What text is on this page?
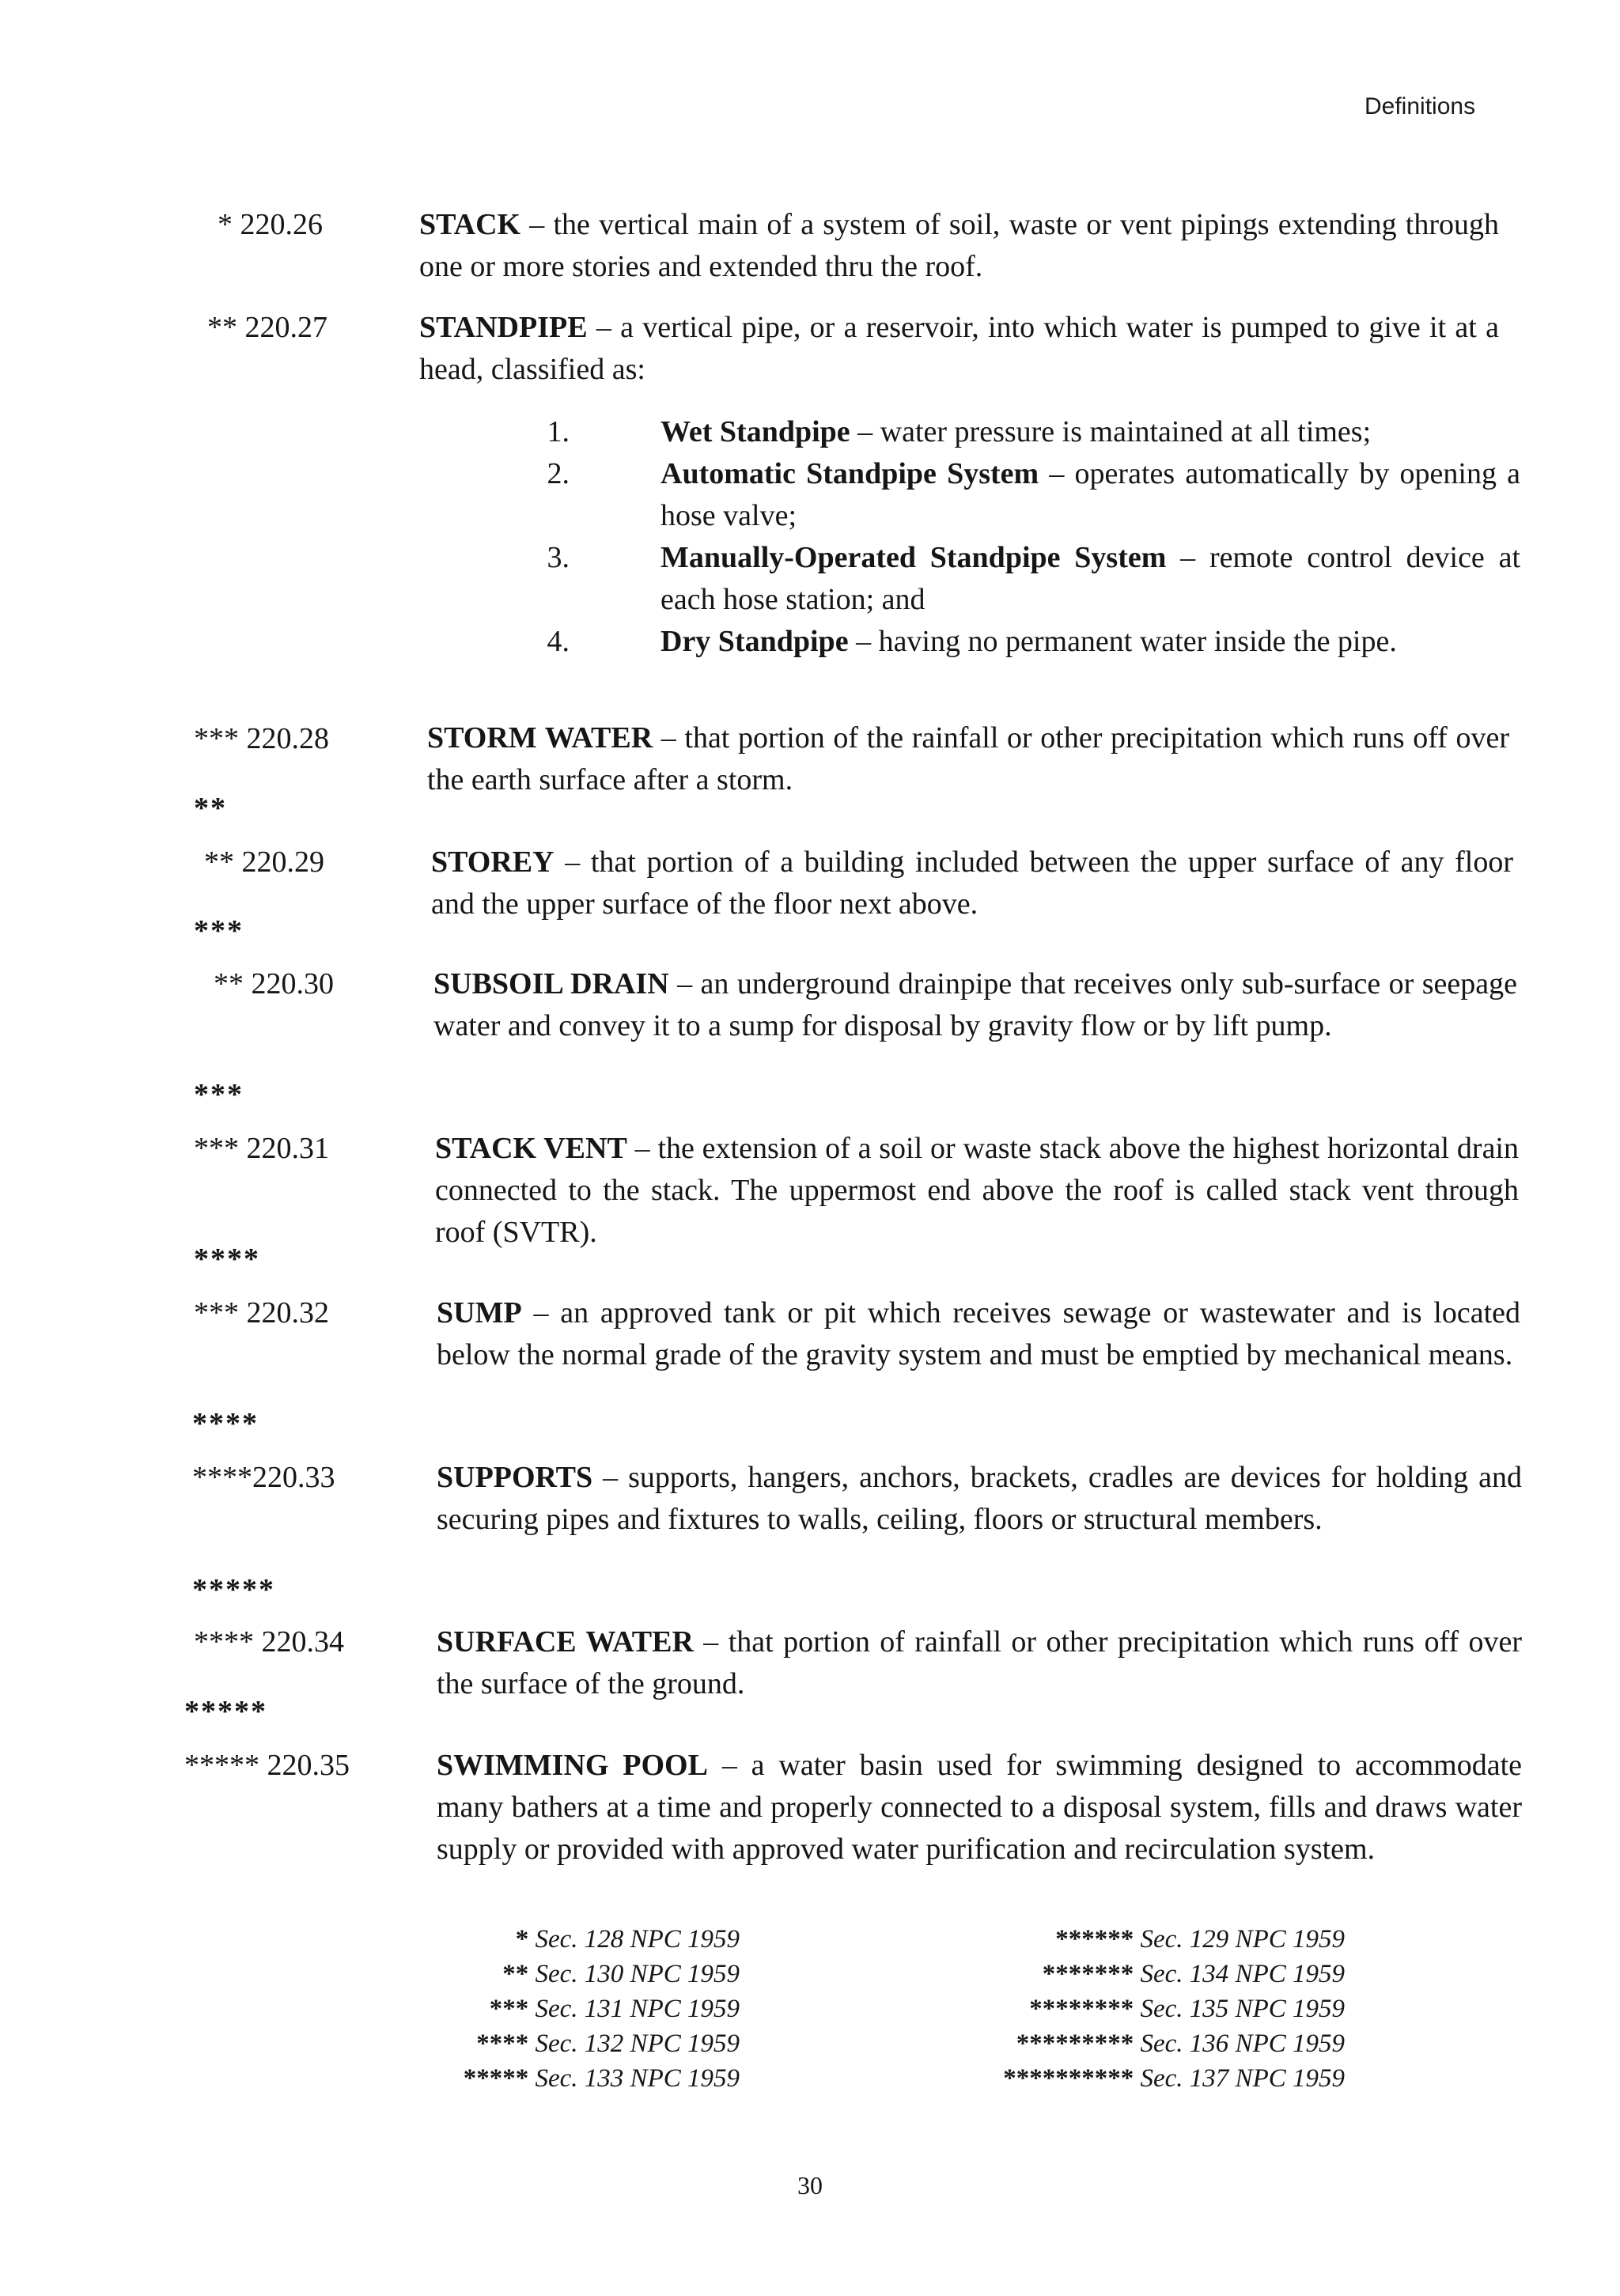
Definitions
* 220.26	STACK – the vertical main of a system of soil, waste or vent pipings extending through one or more stories and extended thru the roof.
** 220.27	STANDPIPE – a vertical pipe, or a reservoir, into which water is pumped to give it at a head, classified as:
1.	Wet Standpipe – water pressure is maintained at all times;
2.	Automatic Standpipe System – operates automatically by opening a hose valve;
3.	Manually-Operated Standpipe System – remote control device at each hose station; and
4.	Dry Standpipe – having no permanent water inside the pipe.
*** 220.28	STORM WATER – that portion of the rainfall or other precipitation which runs off over the earth surface after a storm.
**
** 220.29	STOREY – that portion of a building included between the upper surface of any floor and the upper surface of the floor next above.
***
** 220.30	SUBSOIL DRAIN – an underground drainpipe that receives only sub-surface or seepage water and convey it to a sump for disposal by gravity flow or by lift pump.
***
*** 220.31	STACK VENT – the extension of a soil or waste stack above the highest horizontal drain connected to the stack. The uppermost end above the roof is called stack vent through roof (SVTR).
****
*** 220.32	SUMP – an approved tank or pit which receives sewage or wastewater and is located below the normal grade of the gravity system and must be emptied by mechanical means.
****
****220.33	SUPPORTS – supports, hangers, anchors, brackets, cradles are devices for holding and securing pipes and fixtures to walls, ceiling, floors or structural members.
*****
**** 220.34	SURFACE WATER – that portion of rainfall or other precipitation which runs off over the surface of the ground.
*****
***** 220.35	SWIMMING POOL – a water basin used for swimming designed to accommodate many bathers at a time and properly connected to a disposal system, fills and draws water supply or provided with approved water purification and recirculation system.
* Sec. 128 NPC 1959
** Sec. 130 NPC 1959
*** Sec. 131 NPC 1959
**** Sec. 132 NPC 1959
***** Sec. 133 NPC 1959
****** Sec. 129 NPC 1959
******* Sec. 134 NPC 1959
******** Sec. 135 NPC 1959
********* Sec. 136 NPC 1959
********** Sec. 137 NPC 1959
30
